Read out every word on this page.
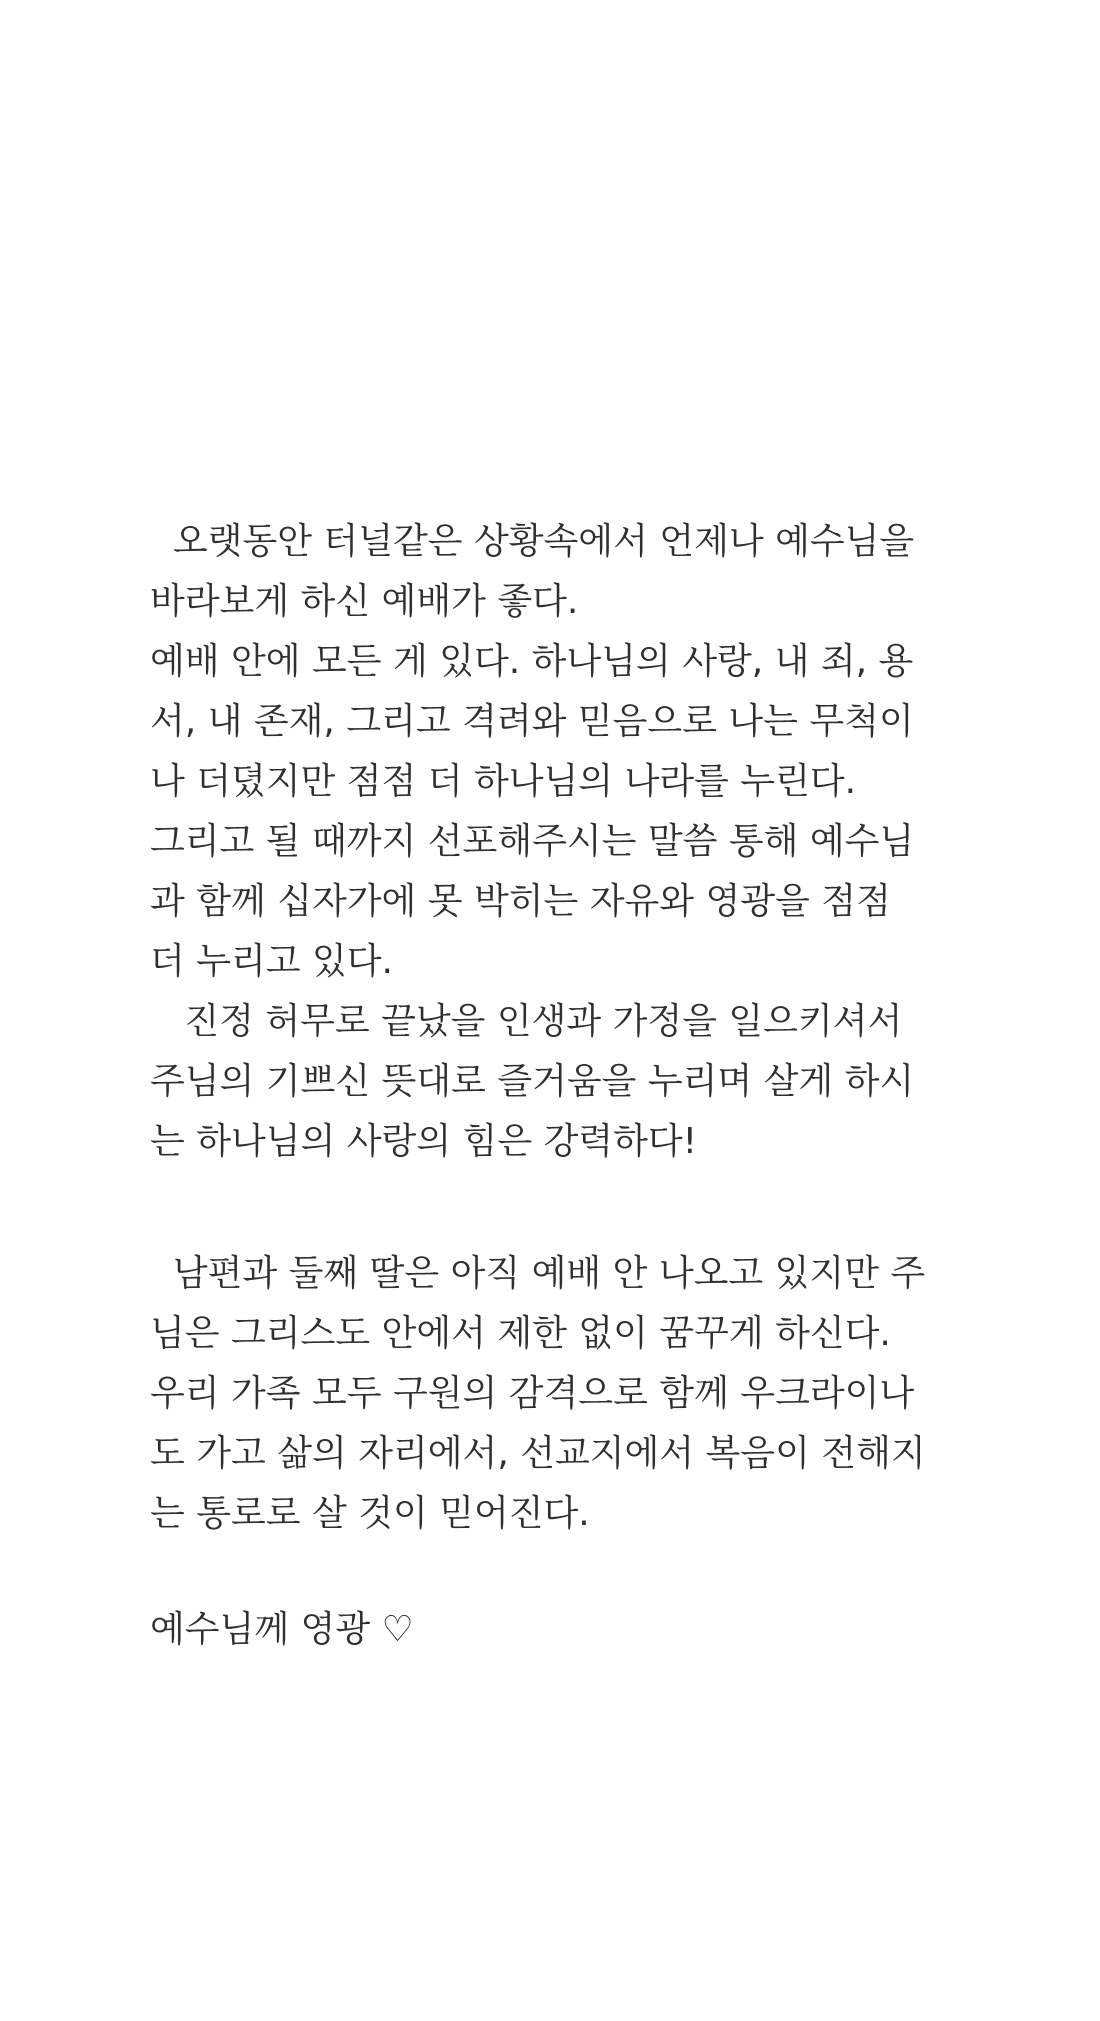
오랫동안 터널같은 상황속에서 언제나 예수님을

바라보게 하신 예배가 좋다.

예배 안에 모든 게 있다. 하나님의 사랑, 내 죄, 용

서, 내 존재, 그리고 격려와 믿음으로 나는 무척이

나 더뎠지만 점점 더 하나님의 나라를 누린다.

그리고 될 때까지 선포해주시는 말씀 통해 예수님

과 함께 십자가에 못 박히는 자유와 영광을 점점

더 누리고 있다.

진정 허무로 끝났을 인생과 가정을 일으키셔서

주님의 기쁘신 뜻대로 즐거움을 누리며 살게 하시

는 하나님의 사랑의 힘은 강력하다!

남편과 둘째 딸은 아직 예배 안 나오고 있지만 주

님은 그리스도 안에서 제한 없이 꿈꾸게 하신다.

우리 가족 모두 구원의 감격으로 함께 우크라이나

도 가고 삶의 자리에서, 선교지에서 복음이 전해지

는 통로로 살 것이 믿어진다.

예수님께 영광 ♡
